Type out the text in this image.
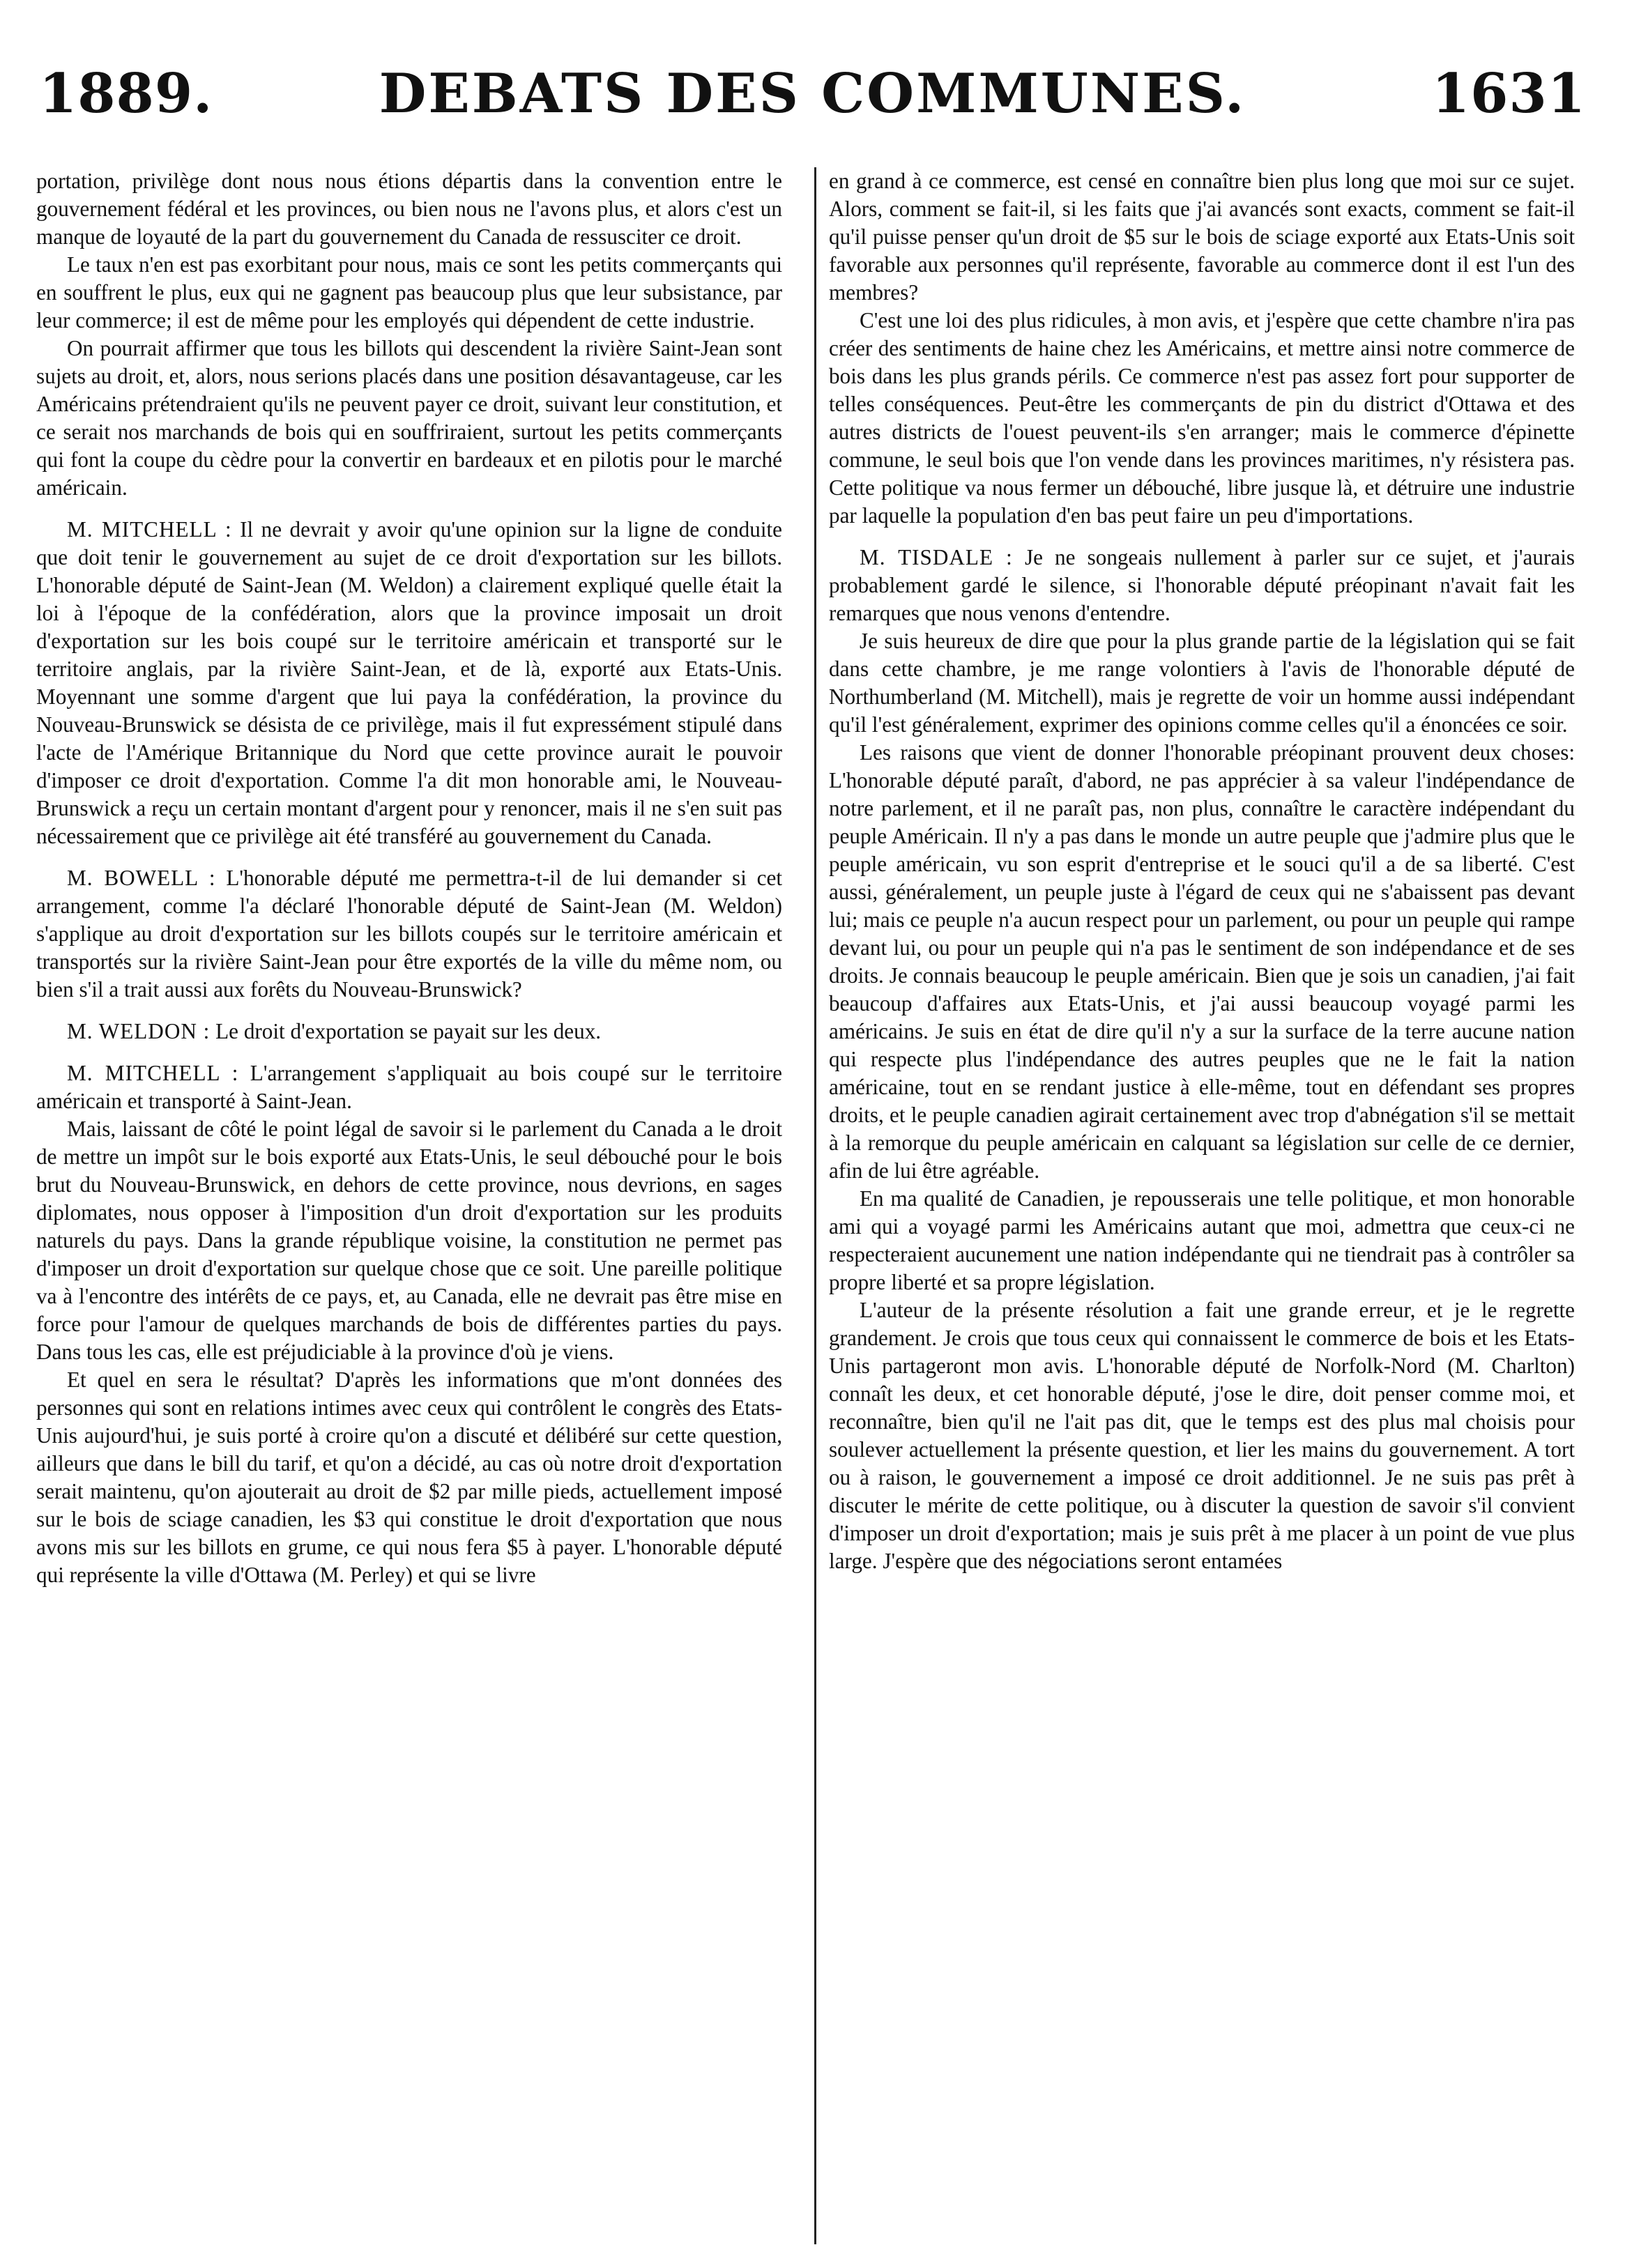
DEBATS DES COMMUNES.
1889.	1631

portation, privilège dont nous nous étions départis dans la convention entre le gouvernement fédéral et les provinces, ou bien nous ne l'avons plus, et alors c'est un manque de loyauté de la part du gouvernement du Canada de ressusciter ce droit.

Le taux n'en est pas exorbitant pour nous, mais ce sont les petits commerçants qui en souffrent le plus, eux qui ne gagnent pas beaucoup plus que leur subsistance, par leur commerce; il est de même pour les employés qui dépendent de cette industrie.

On pourrait affirmer que tous les billots qui descendent la rivière Saint-Jean sont sujets au droit, et, alors, nous serions placés dans une position désavantageuse, car les Américains prétendraient qu'ils ne peuvent payer ce droit, suivant leur constitution, et ce serait nos marchands de bois qui en souffriraient, surtout les petits commerçants qui font la coupe du cèdre pour la convertir en bardeaux et en pilotis pour le marché américain.

M. MITCHELL : Il ne devrait y avoir qu'une opinion sur la ligne de conduite que doit tenir le gouvernement au sujet de ce droit d'exportation sur les billots. L'honorable député de Saint-Jean (M. Weldon) a clairement expliqué quelle était la loi à l'époque de la confédération, alors que la province imposait un droit d'exportation sur les bois coupé sur le territoire américain et transporté sur le territoire anglais, par la rivière Saint-Jean, et de là, exporté aux Etats-Unis. Moyennant une somme d'argent que lui paya la confédération, la province du Nouveau-Brunswick se désista de ce privilège, mais il fut expressément stipulé dans l'acte de l'Amérique Britannique du Nord que cette province aurait le pouvoir d'imposer ce droit d'exportation. Comme l'a dit mon honorable ami, le Nouveau-Brunswick a reçu un certain montant d'argent pour y renoncer, mais il ne s'en suit pas nécessairement que ce privilège ait été transféré au gouvernement du Canada.

M. BOWELL : L'honorable député me permettra-t-il de lui demander si cet arrangement, comme l'a déclaré l'honorable député de Saint-Jean (M. Weldon) s'applique au droit d'exportation sur les billots coupés sur le territoire américain et transportés sur la rivière Saint-Jean pour être exportés de la ville du même nom, ou bien s'il a trait aussi aux forêts du Nouveau-Brunswick?

M. WELDON : Le droit d'exportation se payait sur les deux.

M. MITCHELL : L'arrangement s'appliquait au bois coupé sur le territoire américain et transporté à Saint-Jean.

Mais, laissant de côté le point légal de savoir si le parlement du Canada a le droit de mettre un impôt sur le bois exporté aux Etats-Unis, le seul débouché pour le bois brut du Nouveau-Brunswick, en dehors de cette province, nous devrions, en sages diplomates, nous opposer à l'imposition d'un droit d'exportation sur les produits naturels du pays. Dans la grande république voisine, la constitution ne permet pas d'imposer un droit d'exportation sur quelque chose que ce soit. Une pareille politique va à l'encontre des intérêts de ce pays, et, au Canada, elle ne devrait pas être mise en force pour l'amour de quelques marchands de bois de différentes parties du pays. Dans tous les cas, elle est préjudiciable à la province d'où je viens.

Et quel en sera le résultat? D'après les informations que m'ont données des personnes qui sont en relations intimes avec ceux qui contrôlent le congrès des Etats-Unis aujourd'hui, je suis porté à croire qu'on a discuté et délibéré sur cette question, ailleurs que dans le bill du tarif, et qu'on a décidé, au cas où notre droit d'exportation serait maintenu, qu'on ajouterait au droit de $2 par mille pieds, actuellement imposé sur le bois de sciage canadien, les $3 qui constitue le droit d'exportation que nous avons mis sur les billots en grume, ce qui nous fera $5 à payer. L'honorable député qui représente la ville d'Ottawa (M. Perley) et qui se livre

en grand à ce commerce, est censé en connaître bien plus long que moi sur ce sujet. Alors, comment se fait-il, si les faits que j'ai avancés sont exacts, comment se fait-il qu'il puisse penser qu'un droit de $5 sur le bois de sciage exporté aux Etats-Unis soit favorable aux personnes qu'il représente, favorable au commerce dont il est l'un des membres?

C'est une loi des plus ridicules, à mon avis, et j'espère que cette chambre n'ira pas créer des sentiments de haine chez les Américains, et mettre ainsi notre commerce de bois dans les plus grands périls. Ce commerce n'est pas assez fort pour supporter de telles conséquences. Peut-être les commerçants de pin du district d'Ottawa et des autres districts de l'ouest peuvent-ils s'en arranger; mais le commerce d'épinette commune, le seul bois que l'on vende dans les provinces maritimes, n'y résistera pas. Cette politique va nous fermer un débouché, libre jusque là, et détruire une industrie par laquelle la population d'en bas peut faire un peu d'importations.

M. TISDALE : Je ne songeais nullement à parler sur ce sujet, et j'aurais probablement gardé le silence, si l'honorable député préopinant n'avait fait les remarques que nous venons d'entendre.

Je suis heureux de dire que pour la plus grande partie de la législation qui se fait dans cette chambre, je me range volontiers à l'avis de l'honorable député de Northumberland (M. Mitchell), mais je regrette de voir un homme aussi indépendant qu'il l'est généralement, exprimer des opinions comme celles qu'il a énoncées ce soir.

Les raisons que vient de donner l'honorable préopinant prouvent deux choses: L'honorable député paraît, d'abord, ne pas apprécier à sa valeur l'indépendance de notre parlement, et il ne paraît pas, non plus, connaître le caractère indépendant du peuple Américain. Il n'y a pas dans le monde un autre peuple que j'admire plus que le peuple américain, vu son esprit d'entreprise et le souci qu'il a de sa liberté. C'est aussi, généralement, un peuple juste à l'égard de ceux qui ne s'abaissent pas devant lui; mais ce peuple n'a aucun respect pour un parlement, ou pour un peuple qui rampe devant lui, ou pour un peuple qui n'a pas le sentiment de son indépendance et de ses droits. Je connais beaucoup le peuple américain. Bien que je sois un canadien, j'ai fait beaucoup d'affaires aux Etats-Unis, et j'ai aussi beaucoup voyagé parmi les américains. Je suis en état de dire qu'il n'y a sur la surface de la terre aucune nation qui respecte plus l'indépendance des autres peuples que ne le fait la nation américaine, tout en se rendant justice à elle-même, tout en défendant ses propres droits, et le peuple canadien agirait certainement avec trop d'abnégation s'il se mettait à la remorque du peuple américain en calquant sa législation sur celle de ce dernier, afin de lui être agréable.

En ma qualité de Canadien, je repousserais une telle politique, et mon honorable ami qui a voyagé parmi les Américains autant que moi, admettra que ceux-ci ne respecteraient aucunement une nation indépendante qui ne tiendrait pas à contrôler sa propre liberté et sa propre législation.

L'auteur de la présente résolution a fait une grande erreur, et je le regrette grandement. Je crois que tous ceux qui connaissent le commerce de bois et les Etats-Unis partageront mon avis. L'honorable député de Norfolk-Nord (M. Charlton) connaît les deux, et cet honorable député, j'ose le dire, doit penser comme moi, et reconnaître, bien qu'il ne l'ait pas dit, que le temps est des plus mal choisis pour soulever actuellement la présente question, et lier les mains du gouvernement. A tort ou à raison, le gouvernement a imposé ce droit additionnel. Je ne suis pas prêt à discuter le mérite de cette politique, ou à discuter la question de savoir s'il convient d'imposer un droit d'exportation; mais je suis prêt à me placer à un point de vue plus large. J'espère que des négociations seront entamées
